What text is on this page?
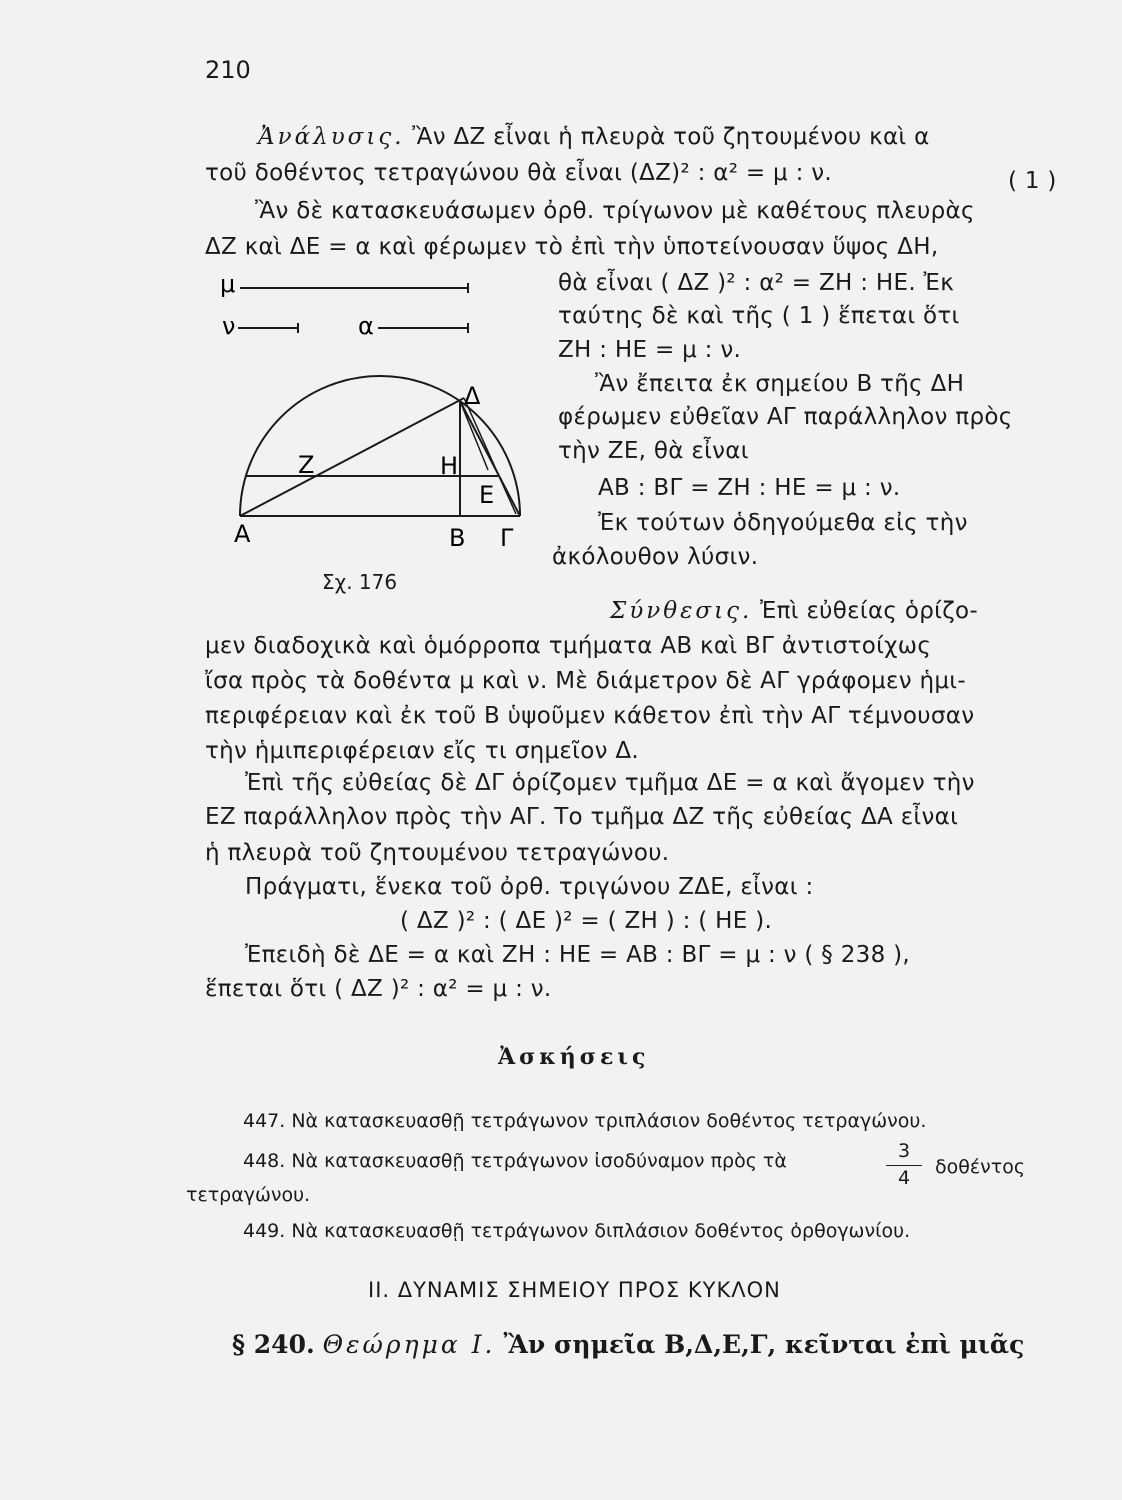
210
Ἀνάλυσις. Ἂν ΔΖ εἶναι ἡ πλευρὰ τοῦ ζητουμένου καὶ α
τοῦ δοθέντος τετραγώνου θὰ εἶναι (ΔΖ)² : α² = μ : ν.	( 1 )
Ἂν δὲ κατασκευάσωμεν ὀρθ. τρίγωνον μὲ καθέτους πλευρὰς
ΔΖ καὶ ΔΕ = α καὶ φέρωμεν τὸ ἐπὶ τὴν ὑποτείνουσαν ὕψος ΔΗ,
θὰ εἶναι ( ΔΖ )² : α² = ΖΗ : ΗΕ. Ἐκ
ταύτης δὲ καὶ τῆς ( 1 ) ἕπεται ὅτι
ΖΗ : ΗΕ = μ : ν.
Ἂν ἔπειτα ἐκ σημείου Β τῆς ΔΗ
φέρωμεν εὐθεῖαν ΑΓ παράλληλον πρὸς
τὴν ΖΕ, θὰ εἶναι
ΑΒ : ΒΓ = ΖΗ : ΗΕ = μ : ν.
Ἐκ τούτων ὁδηγούμεθα εἰς τὴν
ἀκόλουθον λύσιν.
μ
ν	α
Α	Β Γ
Δ
Ζ	Η
Ε
Σχ. 176
Σύνθεσις. Ἐπὶ εὐθείας ὁρίζο-
μεν διαδοχικὰ καὶ ὁμόρροπα τμήματα ΑΒ καὶ ΒΓ ἀντιστοίχως
ἴσα πρὸς τὰ δοθέντα μ καὶ ν. Μὲ διάμετρον δὲ ΑΓ γράφομεν ἡμι-
περιφέρειαν καὶ ἐκ τοῦ Β ὑψοῦμεν κάθετον ἐπὶ τὴν ΑΓ τέμνουσαν
τὴν ἡμιπεριφέρειαν εἴς τι σημεῖον Δ.
Ἐπὶ τῆς εὐθείας δὲ ΔΓ ὁρίζομεν τμῆμα ΔΕ = α καὶ ἄγομεν τὴν
ΕΖ παράλληλον πρὸς τὴν ΑΓ. Το τμῆμα ΔΖ τῆς εὐθείας ΔΑ εἶναι
ἡ πλευρὰ τοῦ ζητουμένου τετραγώνου.
Πράγματι, ἕνεκα τοῦ ὀρθ. τριγώνου ΖΔΕ, εἶναι :
( ΔΖ )² : ( ΔΕ )² = ( ΖΗ ) : ( ΗΕ ).
Ἐπειδὴ δὲ ΔΕ = α καὶ ΖΗ : ΗΕ = ΑΒ : ΒΓ = μ : ν ( § 238 ),
ἕπεται ὅτι ( ΔΖ )² : α² = μ : ν.
Ἀσκήσεις
447. Νὰ κατασκευασθῇ τετράγωνον τριπλάσιον δοθέντος τετραγώνου.
448. Νὰ κατασκευασθῇ τετράγωνον ἰσοδύναμον πρὸς τὰ	3
4	δοθέντος
τετραγώνου.
449. Νὰ κατασκευασθῇ τετράγωνον διπλάσιον δοθέντος ὀρθογωνίου.
ΙΙ. ΔΥΝΑΜΙΣ ΣΗΜΕΙΟΥ ΠΡΟΣ ΚΥΚΛΟΝ
§ 240. Θεώρημα Ι. Ἂν σημεῖα Β,Δ,Ε,Γ, κεῖνται ἐπὶ μιᾶς
